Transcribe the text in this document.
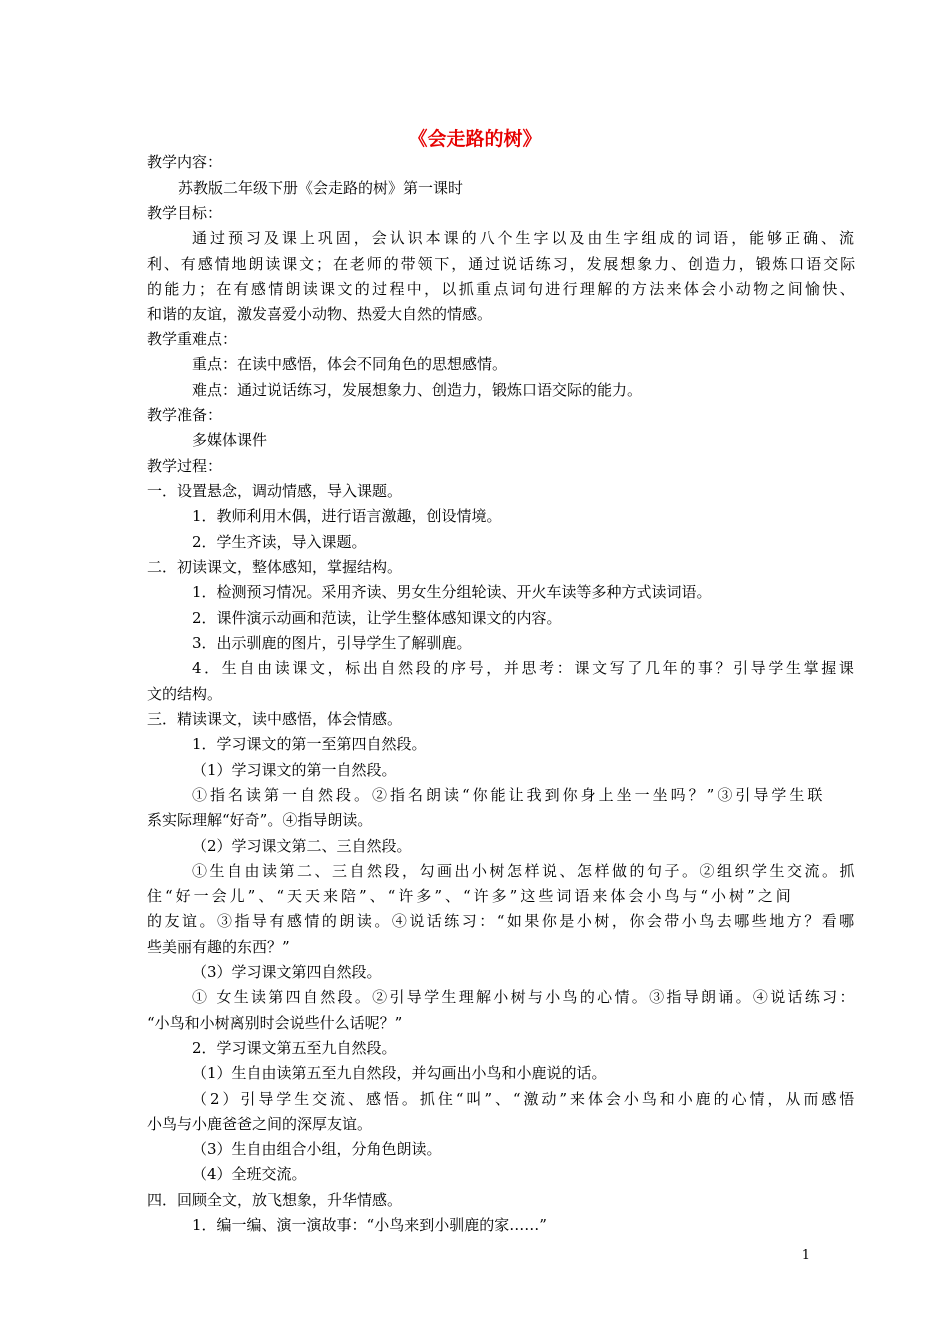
《会走路的树》
教学内容：
苏教版二年级下册《会走路的树》第一课时
教学目标：
通过预习及课上巩固，会认识本课的八个生字以及由生字组成的词语，能够正确、流
利、有感情地朗读课文；在老师的带领下，通过说话练习，发展想象力、创造力，锻炼口语交际
的能力；在有感情朗读课文的过程中，以抓重点词句进行理解的方法来体会小动物之间愉快、
和谐的友谊，激发喜爱小动物、热爱大自然的情感。
教学重难点：
重点：在读中感悟，体会不同角色的思想感情。
难点：通过说话练习，发展想象力、创造力，锻炼口语交际的能力。
教学准备：
多媒体课件
教学过程：
一．设置悬念，调动情感，导入课题。
1．教师利用木偶，进行语言激趣，创设情境。
2．学生齐读，导入课题。
二．初读课文，整体感知，掌握结构。
1．检测预习情况。采用齐读、男女生分组轮读、开火车读等多种方式读词语。
2．课件演示动画和范读，让学生整体感知课文的内容。
3．出示驯鹿的图片，引导学生了解驯鹿。
4．生自由读课文，标出自然段的序号，并思考：课文写了几年的事？引导学生掌握课
文的结构。
三．精读课文，读中感悟，体会情感。
1．学习课文的第一至第四自然段。
（1）学习课文的第一自然段。
①指名读第一自然段。②指名朗读“你能让我到你身上坐一坐吗？”③引导学生联
系实际理解“好奇”。④指导朗读。
（2）学习课文第二、三自然段。
①生自由读第二、三自然段，勾画出小树怎样说、怎样做的句子。②组织学生交流。抓
住“好一会儿”、“天天来陪”、“许多”、“许多”这些词语来体会小鸟与“小树”之间
的友谊。③指导有感情的朗读。④说话练习：“如果你是小树，你会带小鸟去哪些地方？看哪
些美丽有趣的东西？”
（3）学习课文第四自然段。
① 女生读第四自然段。②引导学生理解小树与小鸟的心情。③指导朗诵。④说话练习：
“小鸟和小树离别时会说些什么话呢？”
2．学习课文第五至九自然段。
（1）生自由读第五至九自然段，并勾画出小鸟和小鹿说的话。
（2）引导学生交流、感悟。抓住“叫”、“激动”来体会小鸟和小鹿的心情，从而感悟
小鸟与小鹿爸爸之间的深厚友谊。
（3）生自由组合小组，分角色朗读。
（4）全班交流。
四．回顾全文，放飞想象，升华情感。
1．编一编、演一演故事：“小鸟来到小驯鹿的家……”
1
